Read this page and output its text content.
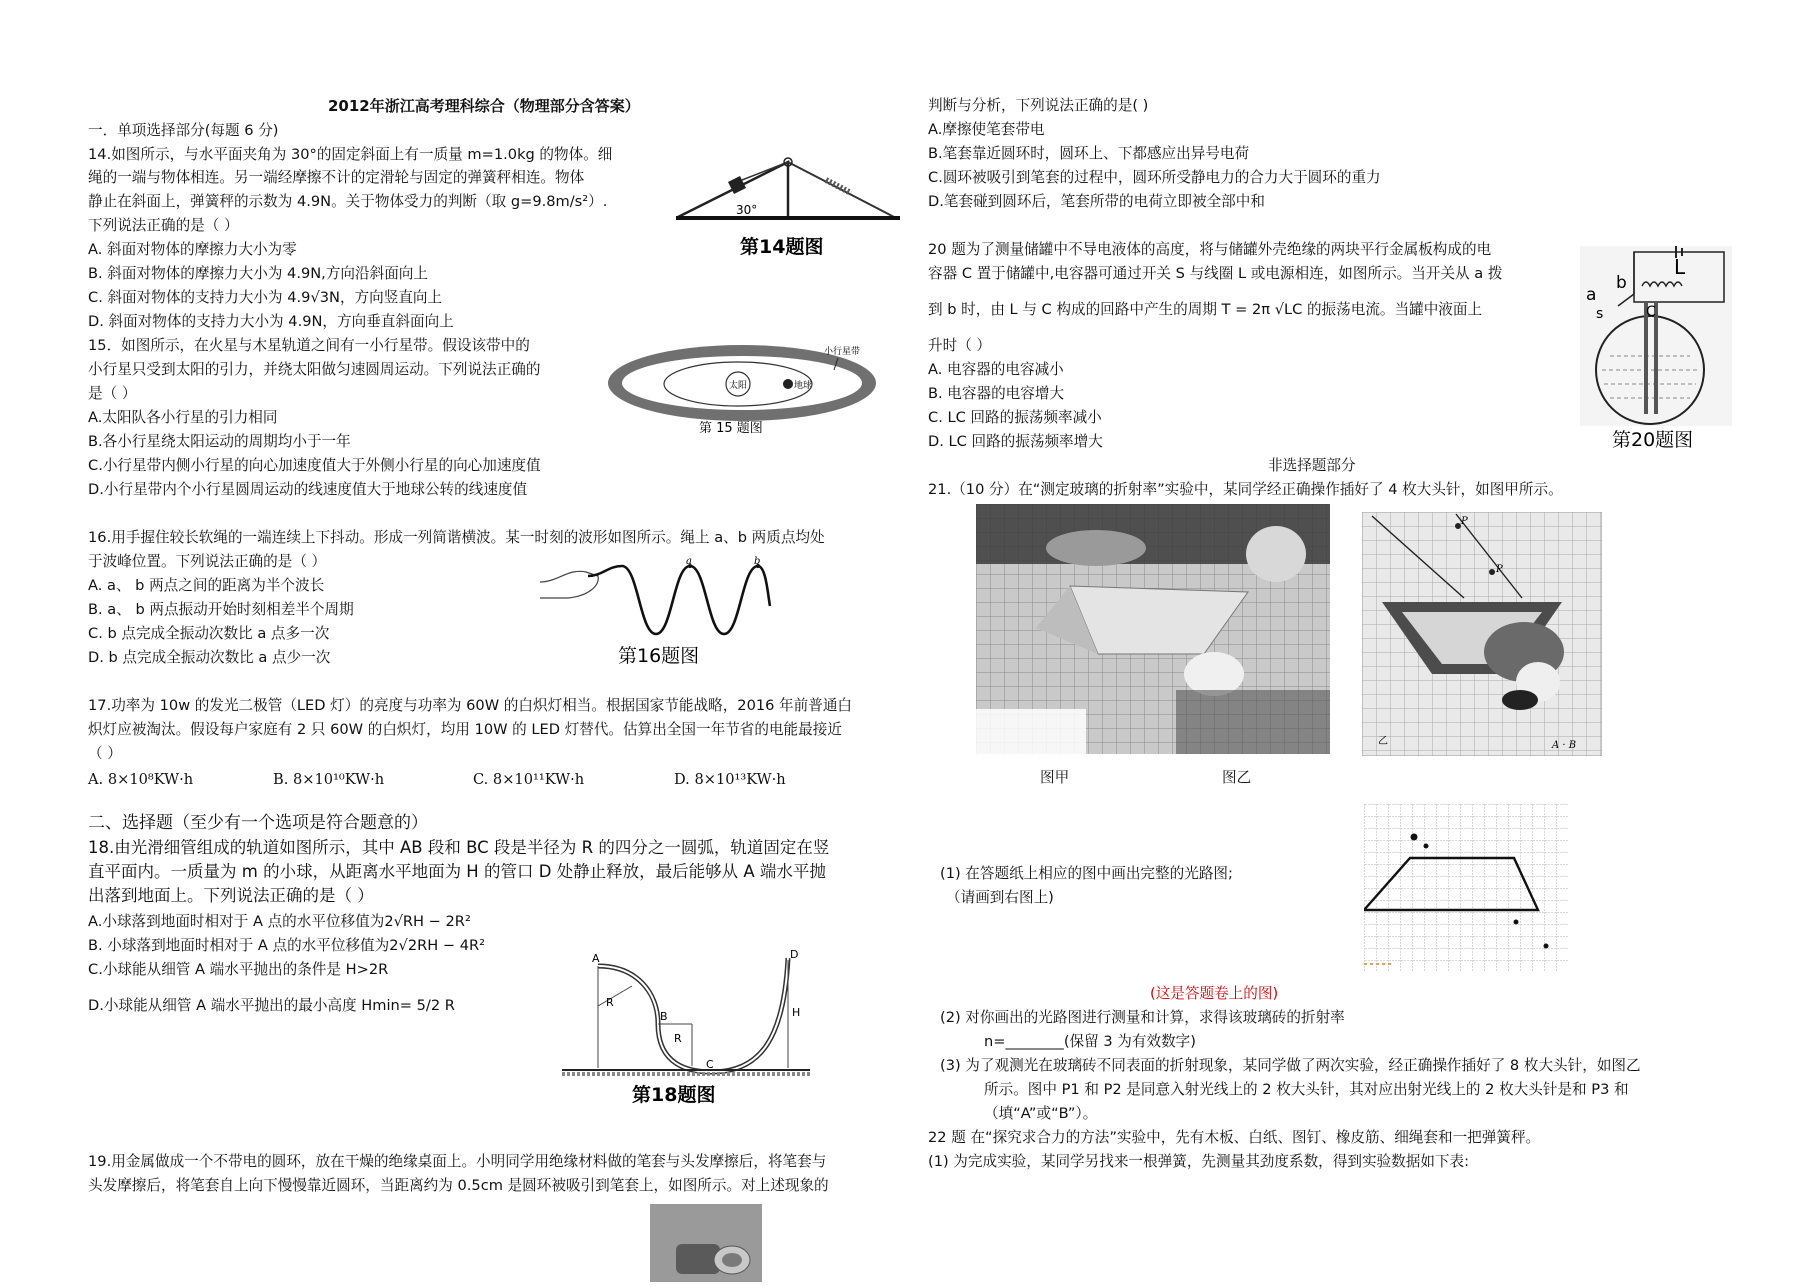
2012年浙江高考理科综合（物理部分含答案）
一．单项选择部分(每题 6 分)
14.如图所示，与水平面夹角为 30°的固定斜面上有一质量 m=1.0kg 的物体。细
绳的一端与物体相连。另一端经摩擦不计的定滑轮与固定的弹簧秤相连。物体
静止在斜面上，弹簧秤的示数为 4.9N。关于物体受力的判断（取 g=9.8m/s²）.
下列说法正确的是（ ）
A. 斜面对物体的摩擦力大小为零
B. 斜面对物体的摩擦力大小为 4.9N,方向沿斜面向上
C. 斜面对物体的支持力大小为 4.9√3N，方向竖直向上
D. 斜面对物体的支持力大小为 4.9N，方向垂直斜面向上
15．如图所示，在火星与木星轨道之间有一小行星带。假设该带中的
小行星只受到太阳的引力，并绕太阳做匀速圆周运动。下列说法正确的
是（ ）
A.太阳队各小行星的引力相同
B.各小行星绕太阳运动的周期均小于一年
C.小行星带内侧小行星的向心加速度值大于外侧小行星的向心加速度值
D.小行星带内个小行星圆周运动的线速度值大于地球公转的线速度值
16.用手握住较长软绳的一端连续上下抖动。形成一列简谐横波。某一时刻的波形如图所示。绳上 a、b 两质点均处
于波峰位置。下列说法正确的是（ ）
A. a、 b 两点之间的距离为半个波长
B. a、 b 两点振动开始时刻相差半个周期
C. b 点完成全振动次数比 a 点多一次
D. b 点完成全振动次数比 a 点少一次
17.功率为 10w 的发光二极管（LED 灯）的亮度与功率为 60W 的白炽灯相当。根据国家节能战略，2016 年前普通白
炽灯应被淘汰。假设每户家庭有 2 只 60W 的白炽灯，均用 10W 的 LED 灯替代。估算出全国一年节省的电能最接近
（ ）
A. 8×10⁸KW·h	B. 8×10¹⁰KW·h	C. 8×10¹¹KW·h	D. 8×10¹³KW·h
二、选择题（至少有一个选项是符合题意的）
18.由光滑细管组成的轨道如图所示，其中 AB 段和 BC 段是半径为 R 的四分之一圆弧，轨道固定在竖
直平面内。一质量为 m 的小球，从距离水平地面为 H 的管口 D 处静止释放，最后能够从 A 端水平抛
出落到地面上。下列说法正确的是（ ）
A.小球落到地面时相对于 A 点的水平位移值为2√RH − 2R²
B. 小球落到地面时相对于 A 点的水平位移值为2√2RH − 4R²
C.小球能从细管 A 端水平抛出的条件是 H>2R
D.小球能从细管 A 端水平抛出的最小高度 Hmin= 5/2 R
19.用金属做成一个不带电的圆环，放在干燥的绝缘桌面上。小明同学用绝缘材料做的笔套与头发摩擦后，将笔套与
头发摩擦后，将笔套自上向下慢慢靠近圆环，当距离约为 0.5cm 是圆环被吸引到笔套上，如图所示。对上述现象的
30°
第14题图
太阳	地球
小行星带
第 15 题图
a	b
第16题图
A
B
C
D
R
R
H
第18题图
判断与分析，下列说法正确的是( )
A.摩擦使笔套带电
B.笔套靠近圆环时，圆环上、下都感应出异号电荷
C.圆环被吸引到笔套的过程中，圆环所受静电力的合力大于圆环的重力
D.笔套碰到圆环后，笔套所带的电荷立即被全部中和
20 题为了测量储罐中不导电液体的高度，将与储罐外壳绝缘的两块平行金属板构成的电
容器 C 置于储罐中,电容器可通过开关 S 与线圈 L 或电源相连，如图所示。当开关从 a 拨
到 b 时，由 L 与 C 构成的回路中产生的周期 T = 2π √LC 的振荡电流。当罐中液面上
升时（ ）
A. 电容器的电容减小
B. 电容器的电容增大
C. LC 回路的振荡频率减小
D. LC 回路的振荡频率增大
非选择题部分
21.（10 分）在“测定玻璃的折射率”实验中，某同学经正确操作插好了 4 枚大头针，如图甲所示。
图甲	图乙
(1) 在答题纸上相应的图中画出完整的光路图;
（请画到右图上)
(这是答题卷上的图)
(2) 对你画出的光路图进行测量和计算，求得该玻璃砖的折射率
n=________(保留 3 为有效数字)
(3) 为了观测光在玻璃砖不同表面的折射现象，某同学做了两次实验，经正确操作插好了 8 枚大头针，如图乙
所示。图中 P1 和 P2 是同意入射光线上的 2 枚大头针，其对应出射光线上的 2 枚大头针是和 P3 和
（填“A”或“B”）。
22 题 在“探究求合力的方法”实验中，先有木板、白纸、图钉、橡皮筋、细绳套和一把弹簧秤。
(1) 为完成实验，某同学另找来一根弹簧，先测量其劲度系数，得到实验数据如下表:
L
b
a
s	C
第20题图
P
P
乙	A · B
